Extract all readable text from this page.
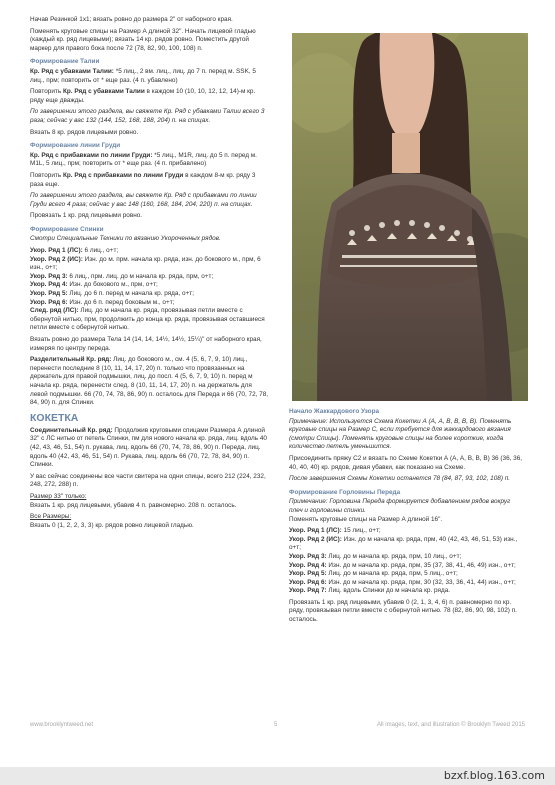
Начав Резинкой 1x1; вязать ровно до размера 2" от наборного края.

Поменять круговые спицы на Размер А длиной 32". Начать лицевой гладью (каждый кр. ряд лицевыми); вязать 14 кр. рядов ровно. Поместить другой маркер для правого бока после 72 (78, 82, 90, 100, 108) п.

Формирование Талии

Кр. Ряд с убавками Талии: *5 лиц., 2 вм. лиц., лиц. до 7 п. перед м. SSK, 5 лиц., прм; повторить от * еще раз. (4 п. убавлено)

Повторить Кр. Ряд с убавками Талии в каждом 10 (10, 10, 12, 12, 14)-м кр. ряду еще дважды.

По завершении этого раздела, вы свяжете Кр. Ряд с убавками Талии всего 3 раза; сейчас у вас 132 (144, 152, 168, 188, 204) п. на спицах.

Вязать 8 кр. рядов лицевыми ровно.

Формирование линии Груди

Кр. Ряд с прибавками по линии Груди: *5 лиц., M1R, лиц. до 5 п. перед м. M1L, 5 лиц., прм; повторить от * еще раз. (4 п. прибавлено)

Повторить Кр. Ряд с прибавками по линии Груди в каждом 8-м кр. ряду 3 раза еще.

По завершении этого раздела, вы свяжете Кр. Ряд с прибавками по линии Груди всего 4 раза; сейчас у вас 148 (160, 168, 184, 204, 220) п. на спицах.

Провязать 1 кр. ряд лицевыми ровно.

Формирование Спинки

Смотри Специальные Техники по вязанию Укороченных рядов.

Укор. Ряд 1 (ЛС): 6 лиц., о+т;
Укор. Ряд 2 (ИС): Изн. до м. прм. начала кр. ряда, изн. до бокового м., прм, 6 изн., о+т;
Укор. Ряд 3: 6 лиц., прм. лиц. до м начала кр. ряда, прм, о+т;
Укор. Ряд 4: Изн. до бокового м., прм, о+т;
Укор. Ряд 5: Лиц. до 6 п. перед м начала кр. ряда, о+т;
Укор. Ряд 6: Изн. до 6 п. перед боковым м., о+т;
След. ряд (ЛС): Лиц. до м начала кр. ряда, провязывая петли вместе с обернутой нитью, прм, продолжить до конца кр. ряда, провязывая оставшиеся петли вместе с обернутой нитью.

Вязать ровно до размера Тела 14 (14, 14, 14½, 14½, 15¼)" от наборного края, измеряя по центру переда.

Разделительный Кр. ряд: Лиц. до бокового м., см. 4 (5, 6, 7, 9, 10) лиц., перенести последние 8 (10, 11, 14, 17, 20) п. только что провязанных на держатель для правой подмышки, лиц. до посл. 4 (5, 6, 7, 9, 10) п. перед м начала кр. ряда, перенести след. 8 (10, 11, 14, 17, 20) п. на держатель для левой подмышки. 66 (70, 74, 78, 86, 90) п. осталось для Переда и 66 (70, 72, 78, 84, 90) п. для Спинки.

КОКЕТКА

Соединительный Кр. ряд: Продолжив круговыми спицами Размера А длиной 32" с ЛС нитью от петель Спинки, пм для нового начала кр. ряда, лиц. вдоль 40 (42, 43, 46, 51, 54) п. рукава, лиц. вдоль 66 (70, 74, 78, 86, 90) п. Переда, лиц. вдоль 40 (42, 43, 46, 51, 54) п. Рукава, лиц. вдоль 66 (70, 72, 78, 84, 90) п. Спинки.

У вас сейчас соединены все части свитера на одни спицы, всего 212 (224, 232, 248, 272, 288) п.

Размер 33" только:

Вязать 1 кр. ряд лицевыми, убавив 4 п. равномерно. 208 п. осталось.

Все Размеры:

Вязать 0 (1, 2, 2, 3, 3) кр. рядов ровно лицевой гладью.

Начало Жаккардового Узора

Примечание: Используется Схема Кокетки А (А, А, В, В, В, В). Поменять круговые спицы на Размер С, если требуется для жаккардового вязания (смотри Спицы). Поменять круговые спицы на более короткие, когда количество петель уменьшится.

Присоединить пряжу C2 и вязать по Схеме Кокетки А (А, А, В, В, В) 36 (36, 36, 40, 40, 40) кр. рядов, дивая убавки, как показано на Схеме.

После завершения Схемы Кокетки останется 78 (84, 87, 93, 102, 108) п.

Формирование Горловины Переда

Примечание: Горловина Переда формируется добавлением рядов вокруг плеч и горловины спинки.

Поменять круговые спицы на Размер А длиной 16".

Укор. Ряд 1 (ЛС): 15 лиц., о+т;
Укор. Ряд 2 (ИС): Изн. до м начала кр. ряда, прм, 40 (42, 43, 46, 51, 53) изн., о+т;
Укор. Ряд 3: Лиц. до м начала кр. ряда, прм, 10 лиц., о+т;
Укор. Ряд 4: Изн. до м начала кр. ряда, прм, 35 (37, 38, 41, 46, 49) изн., о+т;
Укор. Ряд 5: Лиц. до м начала кр. ряда, прм, 5 лиц., о+т;
Укор. Ряд 6: Изн. до м начала кр. ряда, прм, 30 (32, 33, 36, 41, 44) изн., о+т;
Укор. Ряд 7: Лиц. вдоль Спинки до м начала кр. ряда.

Провязать 1 кр. ряд лицевыми, убавив 0 (2, 1, 3, 4, 6) п. равномерно по кр. ряду, провязывая петли вместе с обернутой нитью. 78 (82, 86, 90, 98, 102) п. осталось.

www.brooklyntweed.net	5	All images, text, and illustration © Brooklyn Tweed 2015
bzxf.blog.163.com
